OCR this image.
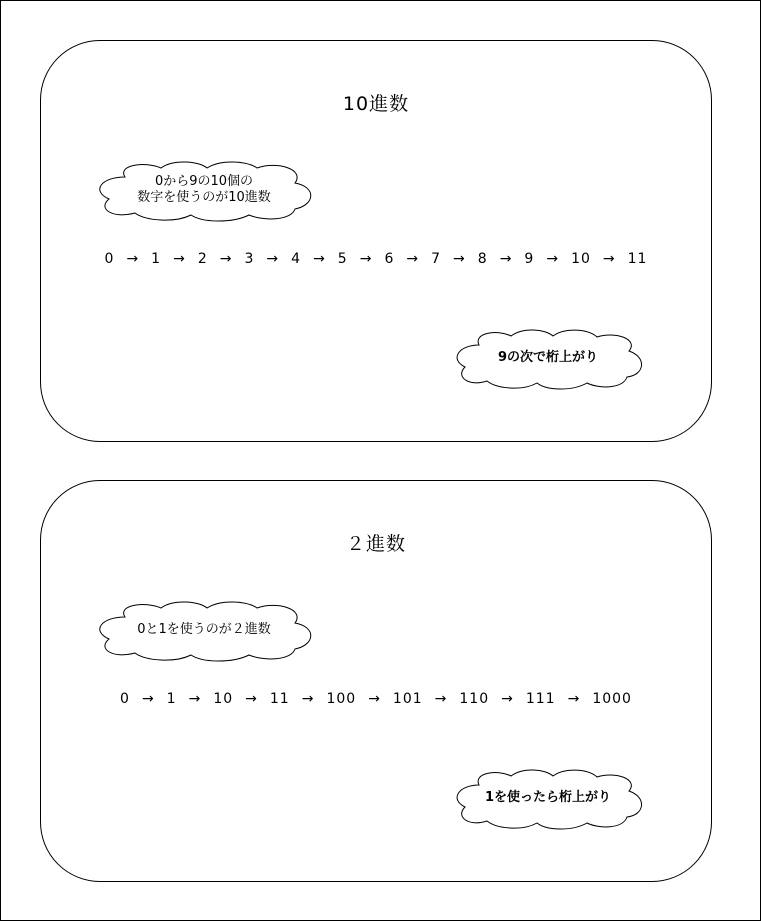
10進数
0から9の10個の
数字を使うのが10進数
0 → 1 → 2 → 3 → 4 → 5 → 6 → 7 → 8 → 9 → 10 → 11
9の次で桁上がり
２進数
0と1を使うのが２進数
0 → 1 → 10 → 11 → 100 → 101 → 110 → 111 → 1000
1を使ったら桁上がり
